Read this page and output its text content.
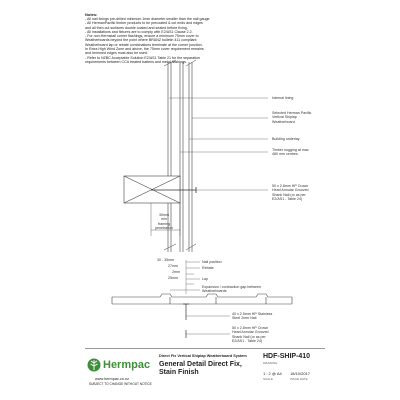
Notes:
- All nail fixings pre-drilled minimum 1mm diameter smaller than the nail gauge.
- All HermanPacific timber products to be precoated & cut ends and edges
and all then cut surfaces double coated and sealed before fixing.
- All installations and fixtures are to comply with E2/AS1 Clause 2.2.
- For non-Hermstall corner flashings, ensure a minimum 75mm cover to
Weatherboards beyond the point where BRANZ bulletin 411 compliant
Weatherboard lap or rebate combinations terminate at the corner junction.
In Extra High Wind Zone and above, the 75mm cover requirement remains
and hemmed edges must also be used.
- Refer to NZBC Acceptable Solution E2/AS1 Table 21 for the separation
requirements between CCA treated battens and metal flashings.
Internal lining
Selected Herman Pacific
Vertical Shiplap
Weatherboard
Building underlay
Timber nogging at max
480 mm centres
50 x 2.8mm HP Crown
Head Annular Grooved
Shank Nail (or as per
E2/AS1 - Table 24)
30mm
min
framing
penetration
30 - 35mm	Nail position
27mm	Rebate
2mm
25mm	Lap
Expansion / contraction gap between
Weatherboards
40 x 2.5mm HP Stainless
Steel 2mm Nail
50 x 2.8mm HP Crown
Head Annular Grooved
Shank Nail (or as per
E2/AS1 - Table 24)
Hermpac
www.hermpac.co.nz
SUBJECT TO CHANGE WITHOUT NOTICE
Direct Fix Vertical Shiplap Weatherboard System
General Detail Direct Fix, Stain Finish
HDF-SHIP-410
DRAWING
1 : 2 @ A4
SCALE
18/10/2017
ISSUE DATE
